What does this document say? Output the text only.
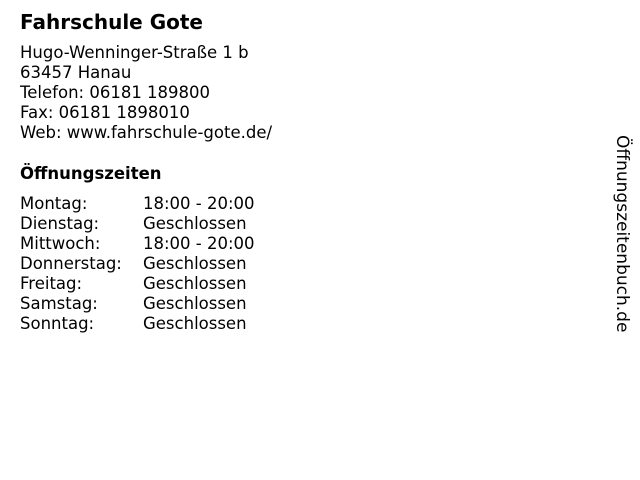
Fahrschule Gote
Hugo-Wenninger-Straße 1 b
63457 Hanau
Telefon: 06181 189800
Fax: 06181 1898010
Web: www.fahrschule-gote.de/
Öffnungszeiten
Montag:	18:00 - 20:00
Dienstag:	Geschlossen
Mittwoch:	18:00 - 20:00
Donnerstag:	Geschlossen
Freitag:	Geschlossen
Samstag:	Geschlossen
Sonntag:	Geschlossen	Öffnungszeitenbuch.de
